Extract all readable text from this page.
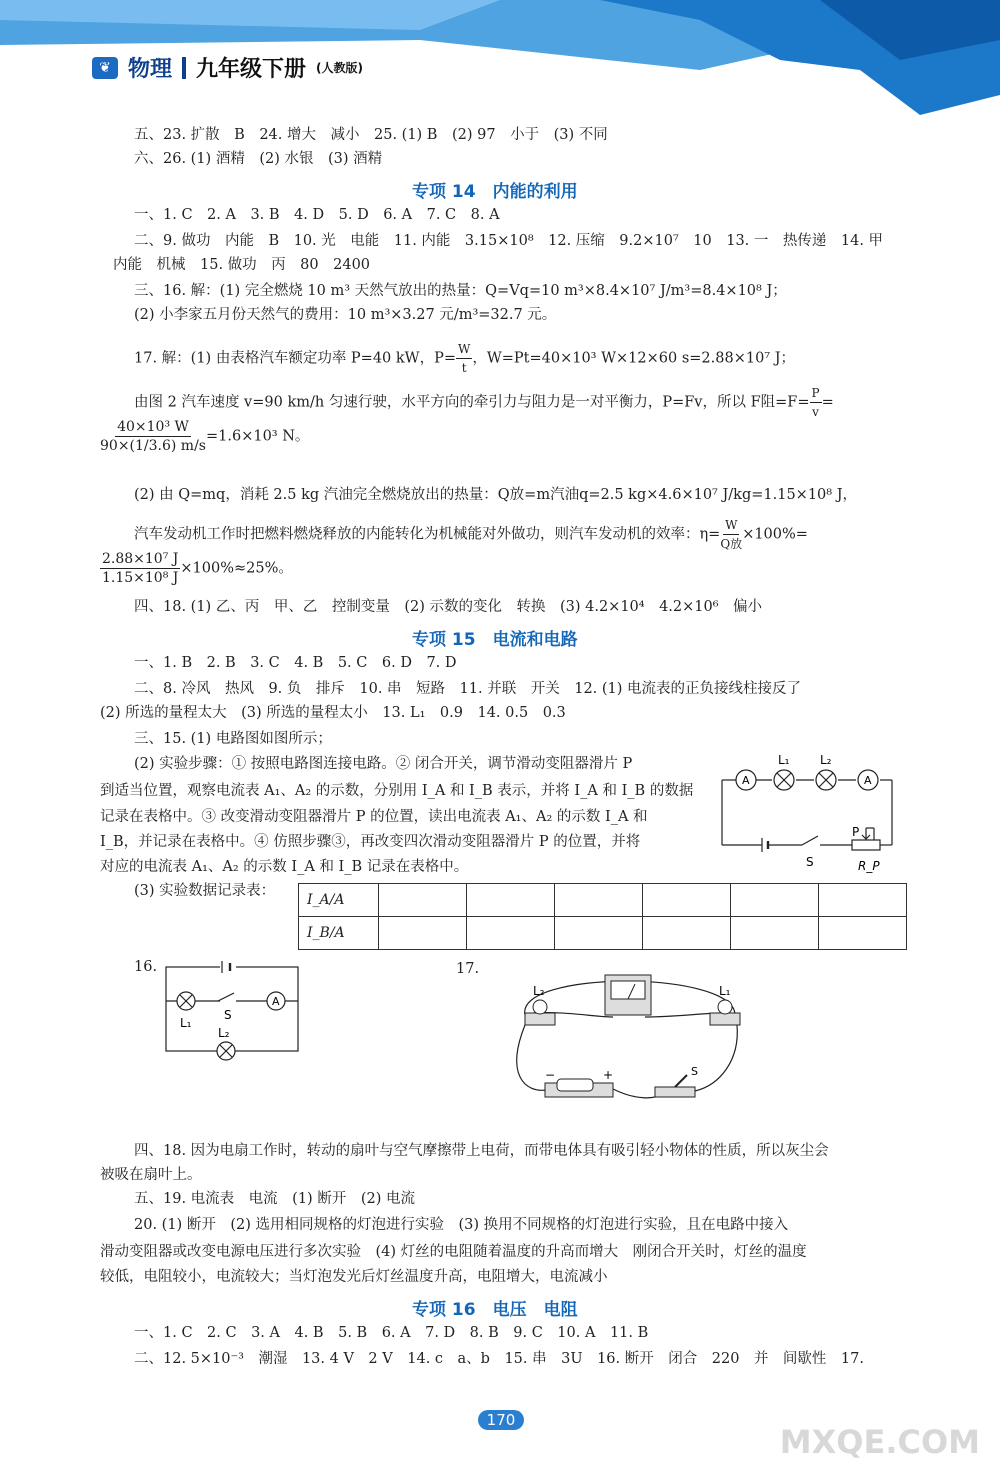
❦ 物理 九年级下册 (人教版)
五、23. 扩散　B　24. 增大　减小　25. (1) B　(2) 97　小于　(3) 不同
六、26. (1) 酒精　(2) 水银　(3) 酒精
专项 14　内能的利用
一、1. C　2. A　3. B　4. D　5. D　6. A　7. C　8. A
二、9. 做功　内能　B　10. 光　电能　11. 内能　3.15×10⁸　12. 压缩　9.2×10⁷　10　13. 一　热传递　14. 甲
内能　机械　15. 做功　丙　80　2400
三、16. 解：(1) 完全燃烧 10 m³ 天然气放出的热量：Q=Vq=10 m³×8.4×10⁷ J/m³=8.4×10⁸ J；
(2) 小李家五月份天然气的费用：10 m³×3.27 元/m³=32.7 元。
17. 解：(1) 由表格汽车额定功率 P=40 kW，$P= \frac{W}{t}$ ，W=Pt=40×10³ W×12×60 s=2.88×10⁷ J；
由图 2 汽车速度 v=90 km/h 匀速行驶，水平方向的牵引力与阻力是一对平衡力，P=Fv，所以 F阻$=F= \frac{P}{v}$ =
$\frac{\text{40×10³ W}}{90\times(1/3.6) m/s} =1.6\times 10^3$ N。
(2) 由 Q=mq，消耗 2.5 kg 汽油完全燃烧放出的热量：Q放=m汽油q=2.5 kg×4.6×10⁷ J/kg=1.15×10⁸ J，
汽车发动机工作时把燃料燃烧释放的内能转化为机械能对外做功，则汽车发动机的效率：$\eta= \frac{W}{\text{Q放}} \times 100\%=$
$\frac{\text{2.88×10⁷ J}}{\text{1.15×10⁸ J}} \times 100\%\approx 25\%$。
四、18. (1) 乙、丙　甲、乙　控制变量　(2) 示数的变化　转换　(3) 4.2×10⁴　4.2×10⁶　偏小
专项 15　电流和电路
一、1. B　2. B　3. C　4. B　5. C　6. D　7. D
二、8. 冷风　热风　9. 负　排斥　10. 串　短路　11. 并联　开关　12. (1) 电流表的正负接线柱接反了
(2) 所选的量程太大　(3) 所选的量程太小　13. L₁　0.9　14. 0.5　0.3
三、15. (1) 电路图如图所示；
(2) 实验步骤：① 按照电路图连接电路。② 闭合开关，调节滑动变阻器滑片 P
到适当位置，观察电流表 A₁、A₂ 的示数，分别用 I_A 和 I_B 表示，并将 I_A 和 I_B 的数据
记录在表格中。③ 改变滑动变阻器滑片 P 的位置，读出电流表 A₁、A₂ 的示数 I_A 和
I_B，并记录在表格中。④ 仿照步骤③，再改变四次滑动变阻器滑片 P 的位置，并将
对应的电流表 A₁、A₂ 的示数 I_A 和 I_B 记录在表格中。
(3) 实验数据记录表：
I_A/A						
I_B/A						
A	A
L₁	L₂
P
S	R_P
16.
A
S
L₁
L₂
17.
L₂	L₁
−	+	S
四、18. 因为电扇工作时，转动的扇叶与空气摩擦带上电荷，而带电体具有吸引轻小物体的性质，所以灰尘会
被吸在扇叶上。
五、19. 电流表　电流　(1) 断开　(2) 电流
20. (1) 断开　(2) 选用相同规格的灯泡进行实验　(3) 换用不同规格的灯泡进行实验，且在电路中接入
滑动变阻器或改变电源电压进行多次实验　(4) 灯丝的电阻随着温度的升高而增大　刚闭合开关时，灯丝的温度
较低，电阻较小，电流较大；当灯泡发光后灯丝温度升高，电阻增大，电流减小
专项 16　电压　电阻
一、1. C　2. C　3. A　4. B　5. B　6. A　7. D　8. B　9. C　10. A　11. B
二、12. 5×10⁻³　潮湿　13. 4 V　2 V　14. c　a、b　15. 串　3U　16. 断开　闭合　220　并　间歇性　17.
170
MXQE.COM
